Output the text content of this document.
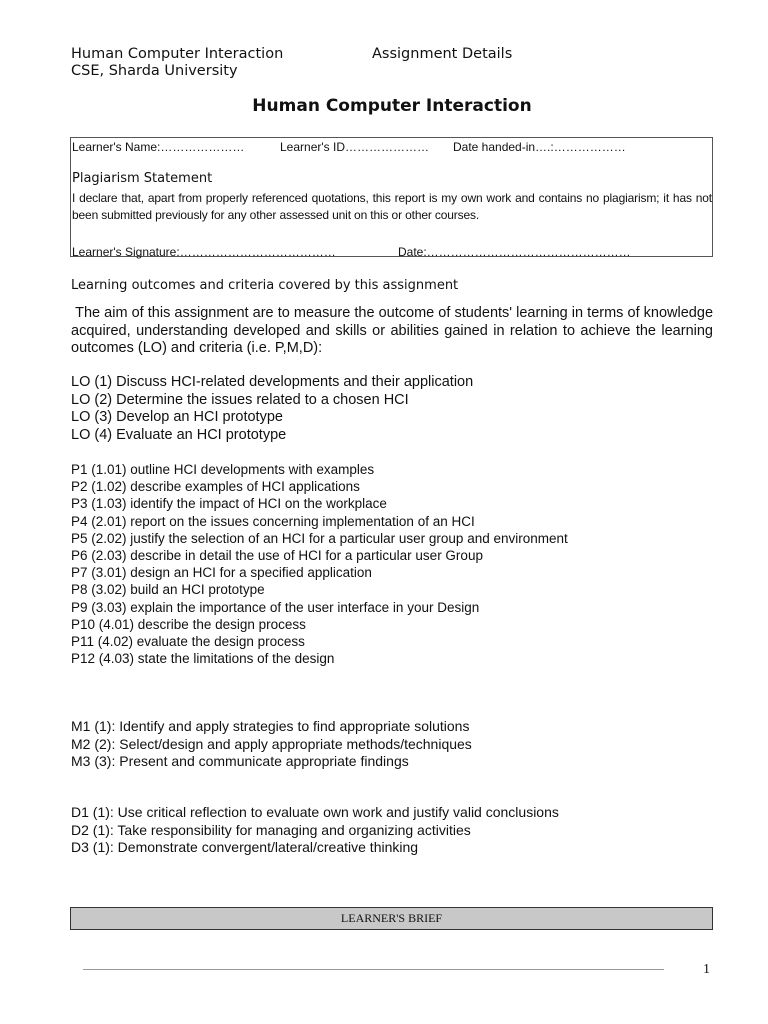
Human Computer Interaction
CSE, Sharda University
Assignment Details
Human Computer Interaction
Learner's Name:…………………	Learner's ID………………… Date handed-in….:………………
Plagiarism Statement
I declare that, apart from properly referenced quotations, this report is my own work and contains no plagiarism; it has not been submitted previously for any other assessed unit on this or other courses.
Learner's Signature:…………………………………	Date:……………………………………………
Learning outcomes and criteria covered by this assignment
The aim of this assignment are to measure the outcome of students' learning in terms of knowledge acquired, understanding developed and skills or abilities gained in relation to achieve the learning outcomes (LO) and criteria (i.e. P,M,D):
LO (1) Discuss HCI-related developments and their application
LO (2) Determine the issues related to a chosen HCI
LO (3) Develop an HCI prototype
LO (4) Evaluate an HCI prototype
P1 (1.01) outline HCI developments with examples
P2 (1.02) describe examples of HCI applications
P3 (1.03) identify the impact of HCI on the workplace
P4 (2.01) report on the issues concerning implementation of an HCI
P5 (2.02) justify the selection of an HCI for a particular user group and environment
P6 (2.03) describe in detail the use of HCI for a particular user Group
P7 (3.01) design an HCI for a specified application
P8 (3.02) build an HCI prototype
P9 (3.03) explain the importance of the user interface in your Design
P10 (4.01) describe the design process
P11 (4.02) evaluate the design process
P12 (4.03) state the limitations of the design
M1 (1): Identify and apply strategies to find appropriate solutions
M2 (2): Select/design and apply appropriate methods/techniques
M3 (3): Present and communicate appropriate findings
D1 (1): Use critical reflection to evaluate own work and justify valid conclusions
D2 (1): Take responsibility for managing and organizing activities
D3 (1): Demonstrate convergent/lateral/creative thinking
LEARNER'S BRIEF
1
